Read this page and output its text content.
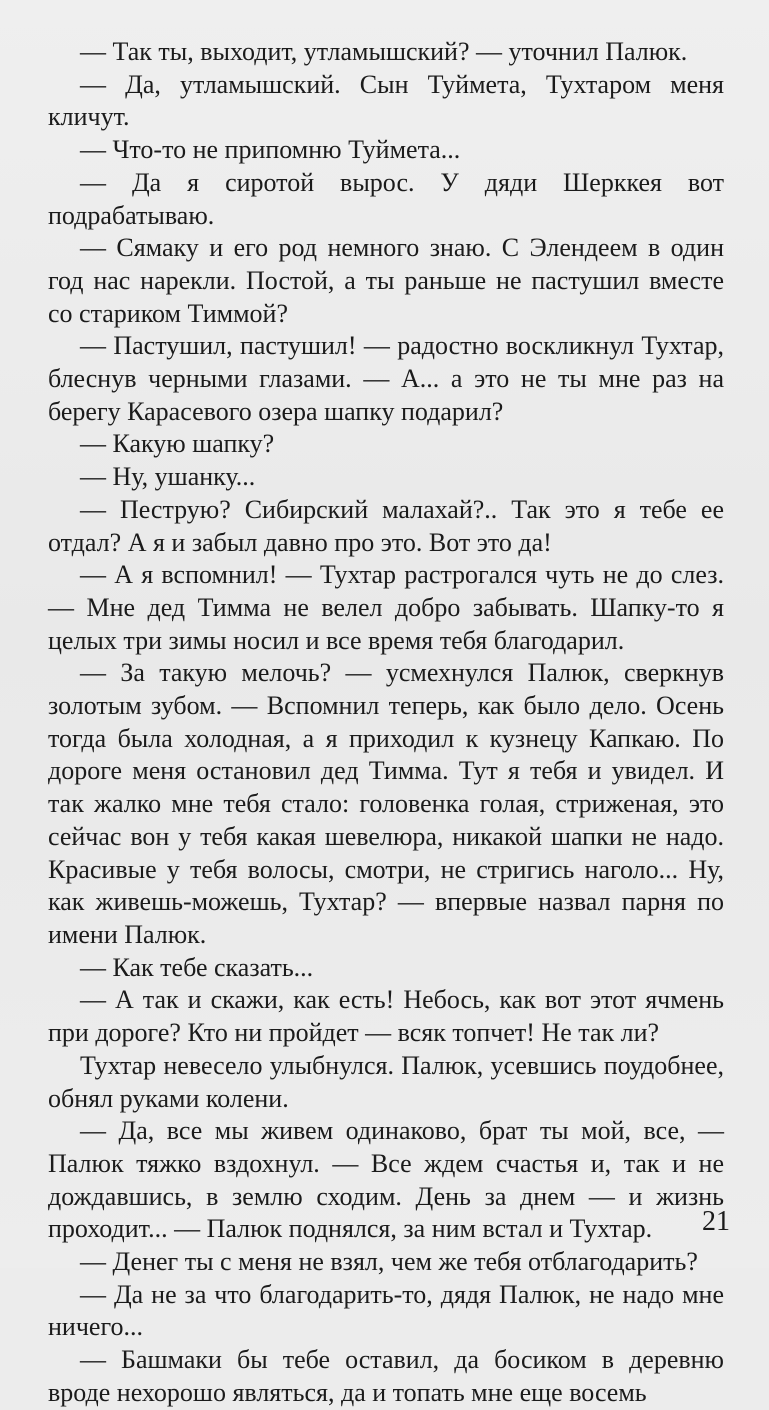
— Так ты, выходит, утламышский? — уточнил Палюк.

— Да, утламышский. Сын Туймета, Тухтаром меня кличут.

— Что-то не припомню Туймета...

— Да я сиротой вырос. У дяди Шерккея вот подрабатываю.

— Сямаку и его род немного знаю. С Элендеем в один год нас нарекли. Постой, а ты раньше не пастушил вместе со стариком Тиммой?

— Пастушил, пастушил! — радостно воскликнул Тухтар, блеснув черными глазами. — А... а это не ты мне раз на берегу Карасевого озера шапку подарил?

— Какую шапку?

— Ну, ушанку...

— Пеструю? Сибирский малахай?.. Так это я тебе ее отдал? А я и забыл давно про это. Вот это да!

— А я вспомнил! — Тухтар растрогался чуть не до слез. — Мне дед Тимма не велел добро забывать. Шапку-то я целых три зимы носил и все время тебя благодарил.

— За такую мелочь? — усмехнулся Палюк, сверкнув золотым зубом. — Вспомнил теперь, как было дело. Осень тогда была холодная, а я приходил к кузнецу Капкаю. По дороге меня остановил дед Тимма. Тут я тебя и увидел. И так жалко мне тебя стало: головенка голая, стриженая, это сейчас вон у тебя какая шевелюра, никакой шапки не надо. Красивые у тебя волосы, смотри, не стригись наголо... Ну, как живешь-можешь, Тухтар? — впервые назвал парня по имени Палюк.

— Как тебе сказать...

— А так и скажи, как есть! Небось, как вот этот ячмень при дороге? Кто ни пройдет — всяк топчет! Не так ли?

Тухтар невесело улыбнулся. Палюк, усевшись поудобнее, обнял руками колени.

— Да, все мы живем одинаково, брат ты мой, все, — Палюк тяжко вздохнул. — Все ждем счастья и, так и не дождавшись, в землю сходим. День за днем — и жизнь проходит... — Палюк поднялся, за ним встал и Тухтар.

— Денег ты с меня не взял, чем же тебя отблагодарить?

— Да не за что благодарить-то, дядя Палюк, не надо мне ничего...

— Башмаки бы тебе оставил, да босиком в деревню вроде нехорошо являться, да и топать мне еще восемь

21
